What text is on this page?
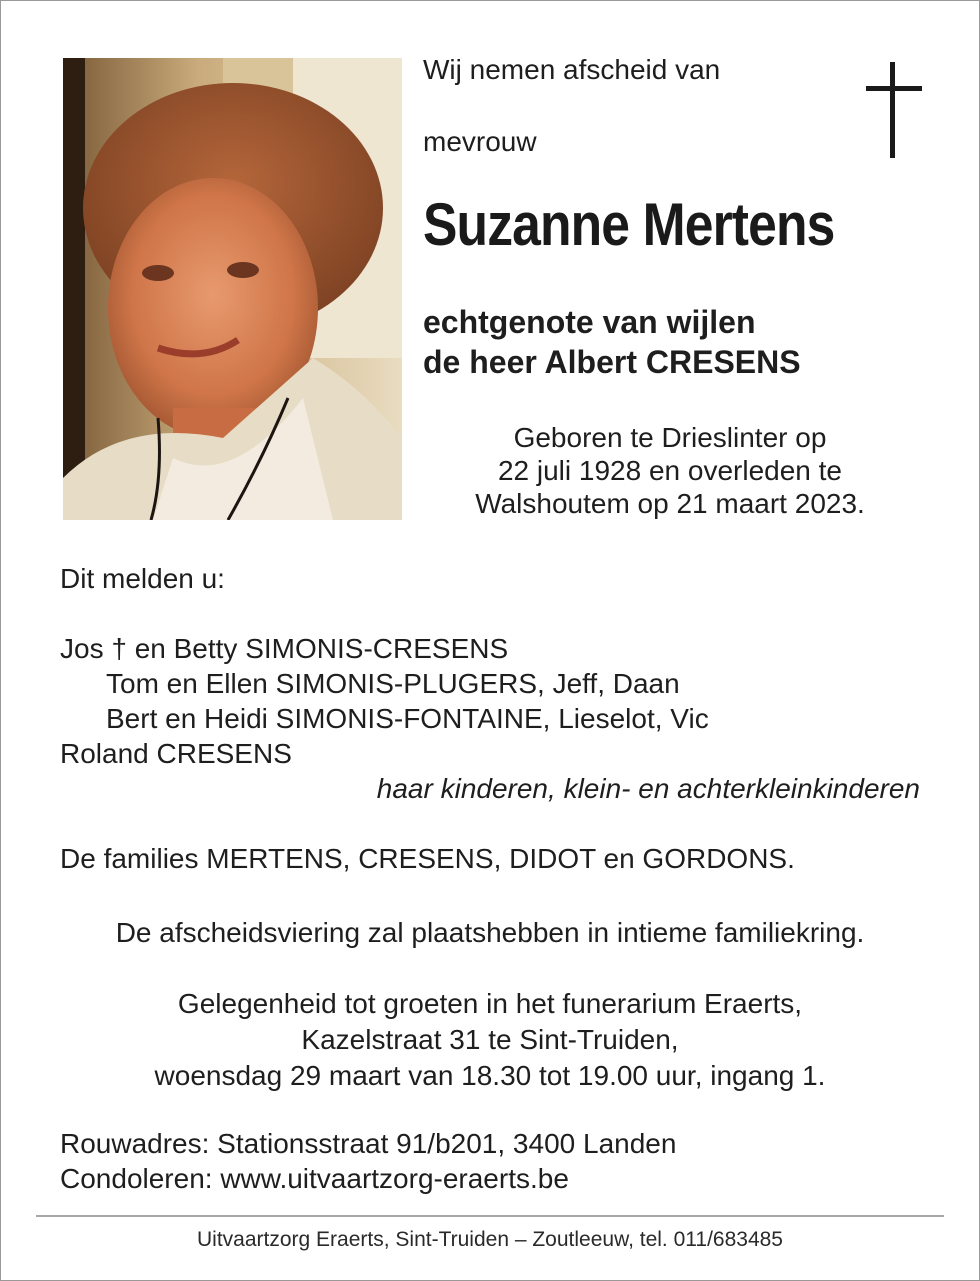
Wij nemen afscheid van
mevrouw
Suzanne Mertens
echtgenote van wijlen
de heer Albert CRESENS
Geboren te Drieslinter op
22 juli 1928 en overleden te
Walshoutem op 21 maart 2023.
Dit melden u:
Jos † en Betty SIMONIS-CRESENS
Tom en Ellen SIMONIS-PLUGERS, Jeff, Daan
Bert en Heidi SIMONIS-FONTAINE, Lieselot, Vic
Roland CRESENS
haar kinderen, klein- en achterkleinkinderen
De families MERTENS, CRESENS, DIDOT en GORDONS.
De afscheidsviering zal plaatshebben in intieme familiekring.
Gelegenheid tot groeten in het funerarium Eraerts,
Kazelstraat 31 te Sint-Truiden,
woensdag 29 maart van 18.30 tot 19.00 uur, ingang 1.
Rouwadres: Stationsstraat 91/b201, 3400 Landen
Condoleren: www.uitvaartzorg-eraerts.be
Uitvaartzorg Eraerts, Sint-Truiden – Zoutleeuw, tel. 011/683485
